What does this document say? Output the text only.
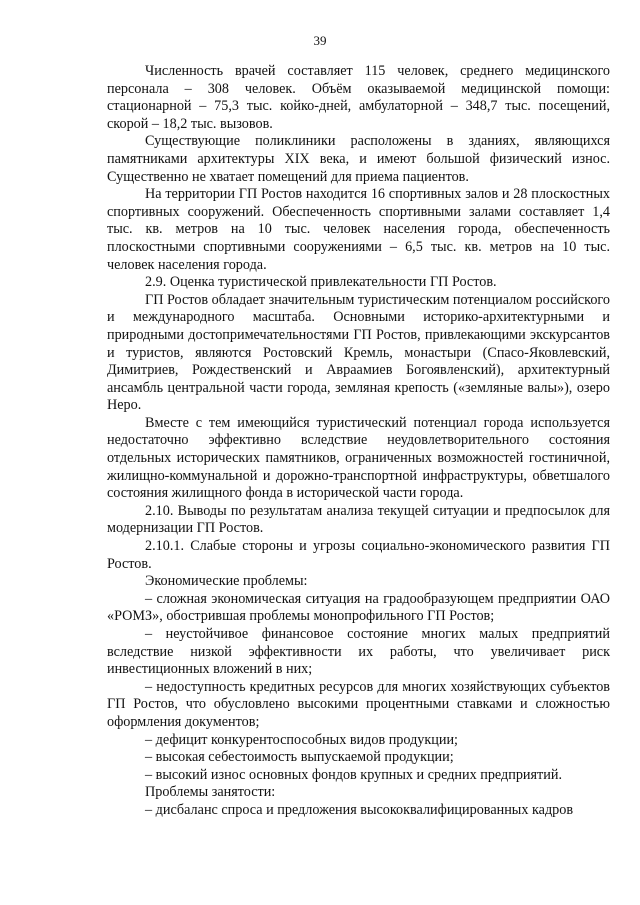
39

Численность врачей составляет 115 человек, среднего медицинского персонала – 308 человек. Объём оказываемой медицинской помощи: стационарной – 75,3 тыс. койко-дней, амбулаторной – 348,7 тыс. посещений, скорой – 18,2 тыс. вызовов.

Существующие поликлиники расположены в зданиях, являющихся памятниками архитектуры XIX века, и имеют большой физический износ. Существенно не хватает помещений для приема пациентов.

На территории ГП Ростов находится 16 спортивных залов и 28 плоскостных спортивных сооружений. Обеспеченность спортивными залами составляет 1,4 тыс. кв. метров на 10 тыс. человек населения города, обеспеченность плоскостными спортивными сооружениями – 6,5 тыс. кв. метров на 10 тыс. человек населения города.

2.9. Оценка туристической привлекательности ГП Ростов.

ГП Ростов обладает значительным туристическим потенциалом российского и международного масштаба. Основными историко-архитектурными и природными достопримечательностями ГП Ростов, привлекающими экскурсантов и туристов, являются Ростовский Кремль, монастыри (Спасо-Яковлевский, Димитриев, Рождественский и Авраамиев Богоявленский), архитектурный ансамбль центральной части города, земляная крепость («земляные валы»), озеро Неро.

Вместе с тем имеющийся туристический потенциал города используется недостаточно эффективно вследствие неудовлетворительного состояния отдельных исторических памятников, ограниченных возможностей гостиничной, жилищно-коммунальной и дорожно-транспортной инфраструктуры, обветшалого состояния жилищного фонда в исторической части города.

2.10. Выводы по результатам анализа текущей ситуации и предпосылок для модернизации ГП Ростов.

2.10.1. Слабые стороны и угрозы социально-экономического развития ГП Ростов.

Экономические проблемы:

– сложная экономическая ситуация на градообразующем предприятии ОАО «РОМЗ», обострившая проблемы монопрофильного ГП Ростов;

– неустойчивое финансовое состояние многих малых предприятий вследствие низкой эффективности их работы, что увеличивает риск инвестиционных вложений в них;

– недоступность кредитных ресурсов для многих хозяйствующих субъектов ГП Ростов, что обусловлено высокими процентными ставками и сложностью оформления документов;

– дефицит конкурентоспособных видов продукции;

– высокая себестоимость выпускаемой продукции;

– высокий износ основных фондов крупных и средних предприятий.

Проблемы занятости:

– дисбаланс спроса и предложения высококвалифицированных кадров
